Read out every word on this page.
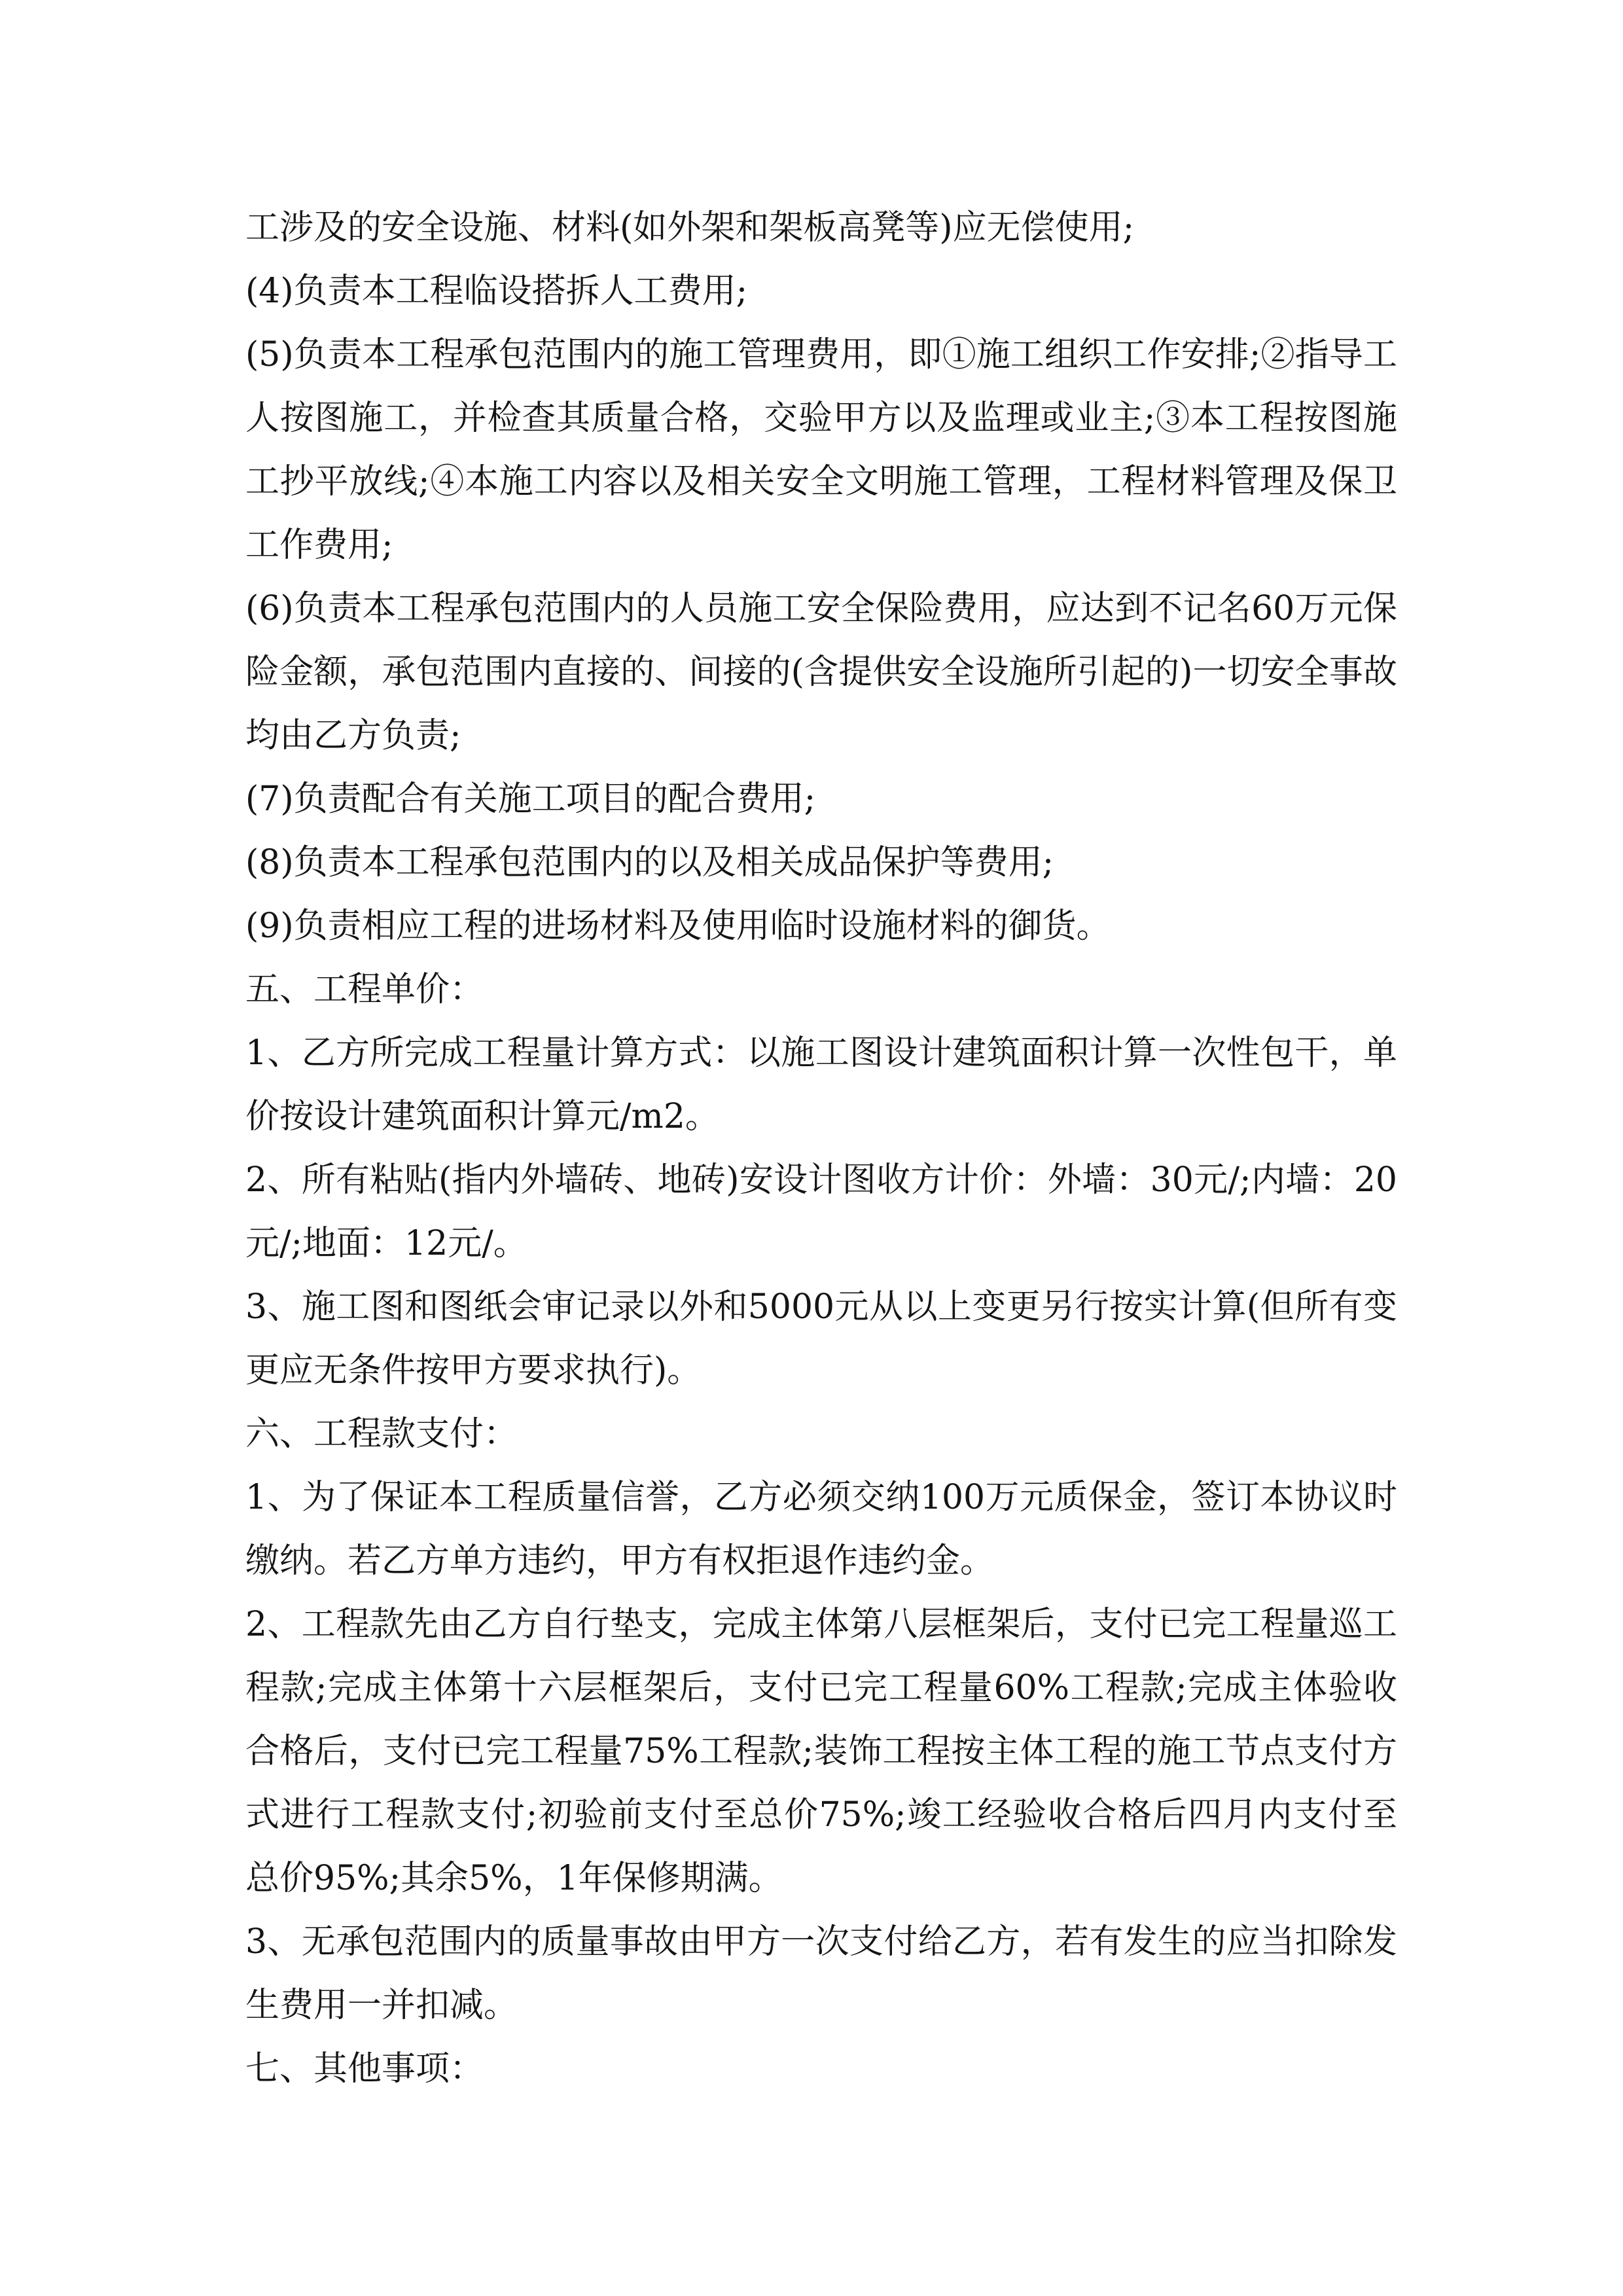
工涉及的安全设施、材料(如外架和架板高凳等)应无偿使用;

(4)负责本工程临设搭拆人工费用;

(5)负责本工程承包范围内的施工管理费用，即①施工组织工作安排;②指导工人按图施工，并检查其质量合格，交验甲方以及监理或业主;③本工程按图施工抄平放线;④本施工内容以及相关安全文明施工管理，工程材料管理及保卫工作费用;

(6)负责本工程承包范围内的人员施工安全保险费用，应达到不记名60万元保险金额，承包范围内直接的、间接的(含提供安全设施所引起的)一切安全事故均由乙方负责;

(7)负责配合有关施工项目的配合费用;

(8)负责本工程承包范围内的以及相关成品保护等费用;

(9)负责相应工程的进场材料及使用临时设施材料的御货。

五、工程单价：

1、乙方所完成工程量计算方式：以施工图设计建筑面积计算一次性包干，单价按设计建筑面积计算元/m2。

2、所有粘贴(指内外墙砖、地砖)安设计图收方计价：外墙：30元/;内墙：20元/;地面：12元/。

3、施工图和图纸会审记录以外和5000元从以上变更另行按实计算(但所有变更应无条件按甲方要求执行)。

六、工程款支付：

1、为了保证本工程质量信誉，乙方必须交纳100万元质保金，签订本协议时缴纳。若乙方单方违约，甲方有权拒退作违约金。

2、工程款先由乙方自行垫支，完成主体第八层框架后，支付已完工程量巡工程款;完成主体第十六层框架后，支付已完工程量60%工程款;完成主体验收合格后，支付已完工程量75%工程款;装饰工程按主体工程的施工节点支付方式进行工程款支付;初验前支付至总价75%;竣工经验收合格后四月内支付至总价95%;其余5%，1年保修期满。

3、无承包范围内的质量事故由甲方一次支付给乙方，若有发生的应当扣除发生费用一并扣减。

七、其他事项：
